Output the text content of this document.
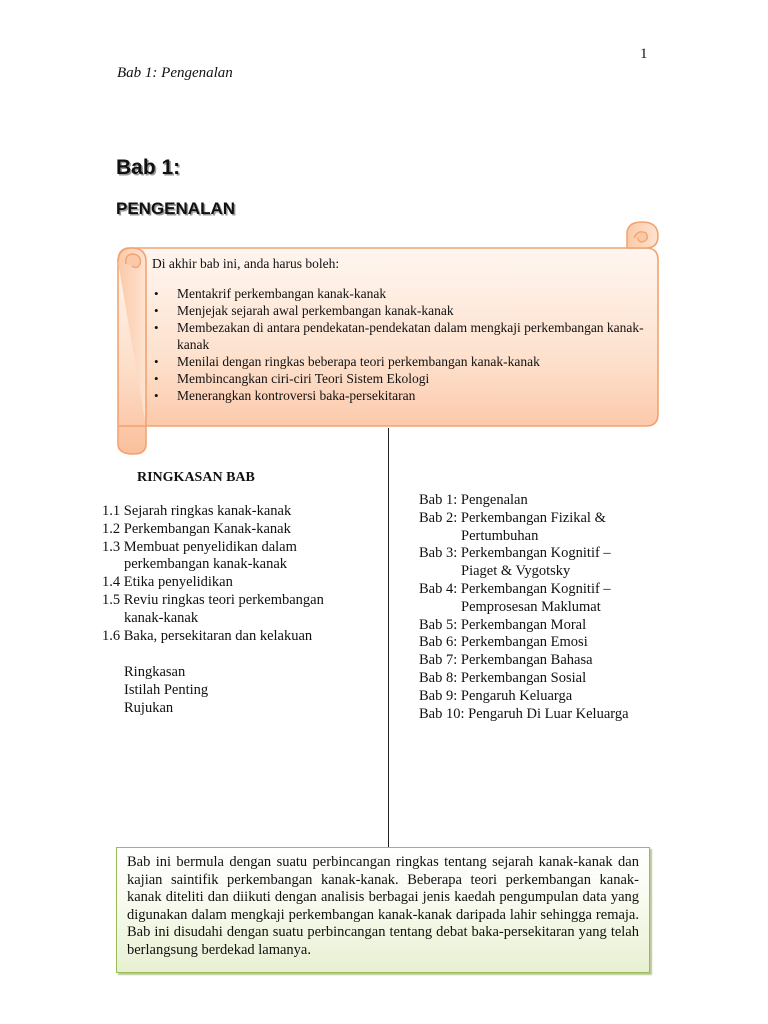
1
Bab 1: Pengenalan
Bab 1:
PENGENALAN

Di akhir bab ini, anda harus boleh:

• Mentakrif perkembangan kanak-kanak
• Menjejak sejarah awal perkembangan kanak-kanak
• Membezakan di antara pendekatan-pendekatan dalam mengkaji perkembangan kanak-kanak
• Menilai dengan ringkas beberapa teori perkembangan kanak-kanak
• Membincangkan ciri-ciri Teori Sistem Ekologi
• Menerangkan kontroversi baka-persekitaran
RINGKASAN BAB
1.1 Sejarah ringkas kanak-kanak
1.2 Perkembangan Kanak-kanak
1.3 Membuat penyelidikan dalam
perkembangan kanak-kanak
1.4 Etika penyelidikan
1.5 Reviu ringkas teori perkembangan
kanak-kanak
1.6 Baka, persekitaran dan kelakuan
Ringkasan
Istilah Penting
Rujukan
Bab 1: Pengenalan
Bab 2: Perkembangan Fizikal &
Pertumbuhan
Bab 3: Perkembangan Kognitif –
Piaget & Vygotsky
Bab 4: Perkembangan Kognitif –
Pemprosesan Maklumat
Bab 5: Perkembangan Moral
Bab 6: Perkembangan Emosi
Bab 7: Perkembangan Bahasa
Bab 8: Perkembangan Sosial
Bab 9: Pengaruh Keluarga
Bab 10: Pengaruh Di Luar Keluarga
Bab ini bermula dengan suatu perbincangan ringkas tentang sejarah kanak-kanak dan kajian saintifik perkembangan kanak-kanak. Beberapa teori perkembangan kanak-kanak diteliti dan diikuti dengan analisis berbagai jenis kaedah pengumpulan data yang digunakan dalam mengkaji perkembangan kanak-kanak daripada lahir sehingga remaja. Bab ini disudahi dengan suatu perbincangan tentang debat baka-persekitaran yang telah berlangsung berdekad lamanya.
